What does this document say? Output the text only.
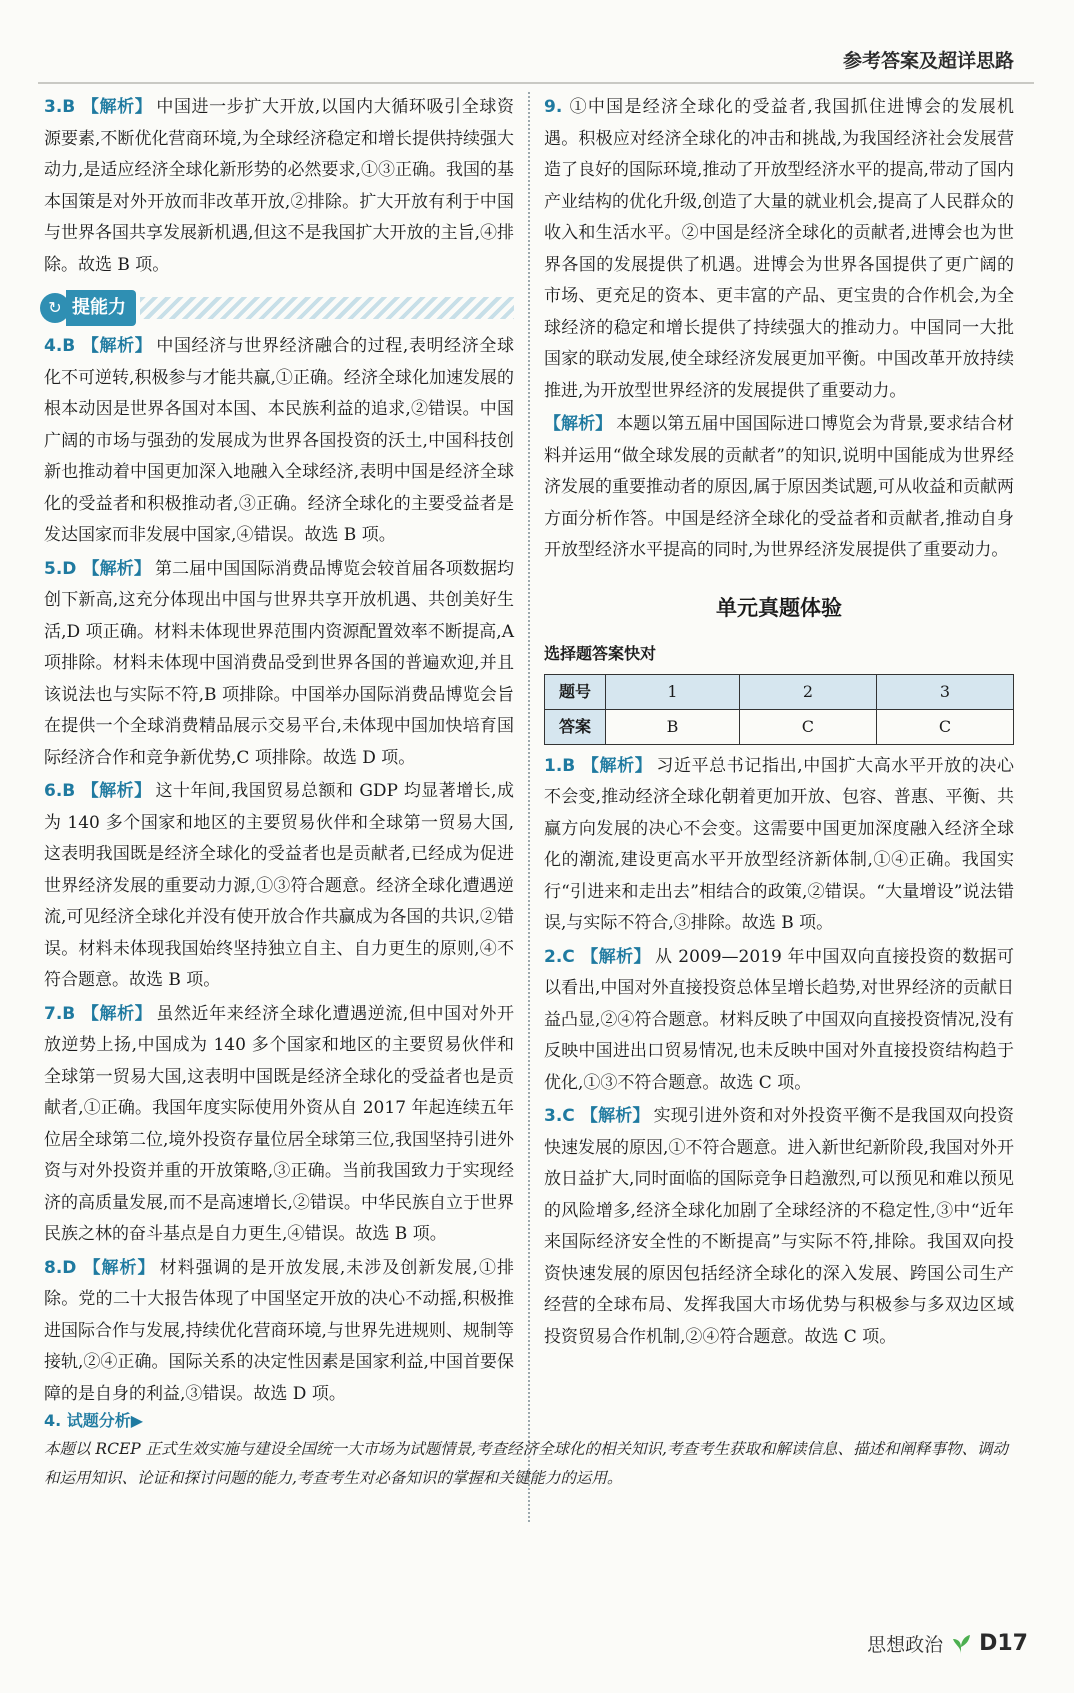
参考答案及超详思路

3.B 【解析】 中国进一步扩大开放,以国内大循环吸引全球资源要素,不断优化营商环境,为全球经济稳定和增长提供持续强大动力,是适应经济全球化新形势的必然要求,①③正确。我国的基本国策是对外开放而非改革开放,②排除。扩大开放有利于中国与世界各国共享发展新机遇,但这不是我国扩大开放的主旨,④排除。故选 B 项。

↻ 提能力

4.B 【解析】 中国经济与世界经济融合的过程,表明经济全球化不可逆转,积极参与才能共赢,①正确。经济全球化加速发展的根本动因是世界各国对本国、本民族利益的追求,②错误。中国广阔的市场与强劲的发展成为世界各国投资的沃土,中国科技创新也推动着中国更加深入地融入全球经济,表明中国是经济全球化的受益者和积极推动者,③正确。经济全球化的主要受益者是发达国家而非发展中国家,④错误。故选 B 项。

5.D 【解析】 第二届中国国际消费品博览会较首届各项数据均创下新高,这充分体现出中国与世界共享开放机遇、共创美好生活,D 项正确。材料未体现世界范围内资源配置效率不断提高,A 项排除。材料未体现中国消费品受到世界各国的普遍欢迎,并且该说法也与实际不符,B 项排除。中国举办国际消费品博览会旨在提供一个全球消费精品展示交易平台,未体现中国加快培育国际经济合作和竞争新优势,C 项排除。故选 D 项。

6.B 【解析】 这十年间,我国贸易总额和 GDP 均显著增长,成为 140 多个国家和地区的主要贸易伙伴和全球第一贸易大国,这表明我国既是经济全球化的受益者也是贡献者,已经成为促进世界经济发展的重要动力源,①③符合题意。经济全球化遭遇逆流,可见经济全球化并没有使开放合作共赢成为各国的共识,②错误。材料未体现我国始终坚持独立自主、自力更生的原则,④不符合题意。故选 B 项。

7.B 【解析】 虽然近年来经济全球化遭遇逆流,但中国对外开放逆势上扬,中国成为 140 多个国家和地区的主要贸易伙伴和全球第一贸易大国,这表明中国既是经济全球化的受益者也是贡献者,①正确。我国年度实际使用外资从自 2017 年起连续五年位居全球第二位,境外投资存量位居全球第三位,我国坚持引进外资与对外投资并重的开放策略,③正确。当前我国致力于实现经济的高质量发展,而不是高速增长,②错误。中华民族自立于世界民族之林的奋斗基点是自力更生,④错误。故选 B 项。

8.D 【解析】 材料强调的是开放发展,未涉及创新发展,①排除。党的二十大报告体现了中国坚定开放的决心不动摇,积极推进国际合作与发展,持续优化营商环境,与世界先进规则、规制等接轨,②④正确。国际关系的决定性因素是国家利益,中国首要保障的是自身的利益,③错误。故选 D 项。

9. ①中国是经济全球化的受益者,我国抓住进博会的发展机遇。积极应对经济全球化的冲击和挑战,为我国经济社会发展营造了良好的国际环境,推动了开放型经济水平的提高,带动了国内产业结构的优化升级,创造了大量的就业机会,提高了人民群众的收入和生活水平。②中国是经济全球化的贡献者,进博会也为世界各国的发展提供了机遇。进博会为世界各国提供了更广阔的市场、更充足的资本、更丰富的产品、更宝贵的合作机会,为全球经济的稳定和增长提供了持续强大的推动力。中国同一大批国家的联动发展,使全球经济发展更加平衡。中国改革开放持续推进,为开放型世界经济的发展提供了重要动力。

【解析】 本题以第五届中国国际进口博览会为背景,要求结合材料并运用“做全球发展的贡献者”的知识,说明中国能成为世界经济发展的重要推动者的原因,属于原因类试题,可从收益和贡献两方面分析作答。中国是经济全球化的受益者和贡献者,推动自身开放型经济水平提高的同时,为世界经济发展提供了重要动力。

单元真题体验
选择题答案快对
题号	1	2	3
答案	B	C	C

1.B 【解析】 习近平总书记指出,中国扩大高水平开放的决心不会变,推动经济全球化朝着更加开放、包容、普惠、平衡、共赢方向发展的决心不会变。这需要中国更加深度融入经济全球化的潮流,建设更高水平开放型经济新体制,①④正确。我国实行“引进来和走出去”相结合的政策,②错误。“大量增设”说法错误,与实际不符合,③排除。故选 B 项。

2.C 【解析】 从 2009—2019 年中国双向直接投资的数据可以看出,中国对外直接投资总体呈增长趋势,对世界经济的贡献日益凸显,②④符合题意。材料反映了中国双向直接投资情况,没有反映中国进出口贸易情况,也未反映中国对外直接投资结构趋于优化,①③不符合题意。故选 C 项。

3.C 【解析】 实现引进外资和对外投资平衡不是我国双向投资快速发展的原因,①不符合题意。进入新世纪新阶段,我国对外开放日益扩大,同时面临的国际竞争日趋激烈,可以预见和难以预见的风险增多,经济全球化加剧了全球经济的不稳定性,③中“近年来国际经济安全性的不断提高”与实际不符,排除。我国双向投资快速发展的原因包括经济全球化的深入发展、跨国公司生产经营的全球布局、发挥我国大市场优势与积极参与多双边区域投资贸易合作机制,②④符合题意。故选 C 项。

4. 试题分析▶
本题以 RCEP 正式生效实施与建设全国统一大市场为试题情景,考查经济全球化的相关知识,考查考生获取和解读信息、描述和阐释事物、调动和运用知识、论证和探讨问题的能力,考查考生对必备知识的掌握和关键能力的运用。
思想政治 D17
